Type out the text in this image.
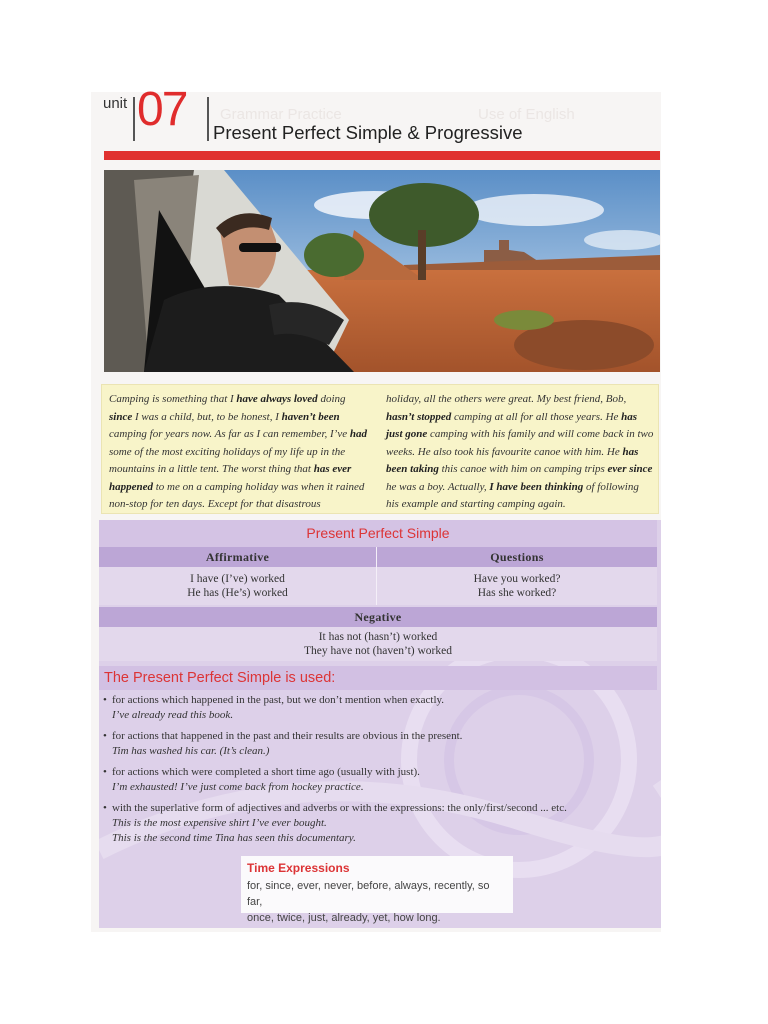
Grammar Practice	Use of English
unit 07 Present Perfect Simple & Progressive

Camping is something that I have always loved doing since I was a child, but, to be honest, I haven’t been camping for years now. As far as I can remember, I’ve had some of the most exciting holidays of my life up in the mountains in a little tent. The worst thing that has ever happened to me on a camping holiday was when it rained non-stop for ten days. Except for that disastrous

holiday, all the others were great. My best friend, Bob, hasn’t stopped camping at all for all those years. He has just gone camping with his family and will come back in two weeks. He also took his favourite canoe with him. He has been taking this canoe with him on camping trips ever since he was a boy. Actually, I have been thinking of following his example and starting camping again.

Present Perfect Simple
Affirmative	Questions
I have (I’ve) worked
He has (He’s) worked
Have you worked?
Has she worked?
Negative
It has not (hasn’t) worked
They have not (haven’t) worked
The Present Perfect Simple is used:
• for actions which happened in the past, but we don’t mention when exactly.
I’ve already read this book.
• for actions that happened in the past and their results are obvious in the present.
Tim has washed his car. (It’s clean.)
• for actions which were completed a short time ago (usually with just).
I’m exhausted! I’ve just come back from hockey practice.
• with the superlative form of adjectives and adverbs or with the expressions: the only/first/second ... etc.
This is the most expensive shirt I’ve ever bought.
This is the second time Tina has seen this documentary.
Time Expressions
for, since, ever, never, before, always, recently, so far,
once, twice, just, already, yet, how long.
